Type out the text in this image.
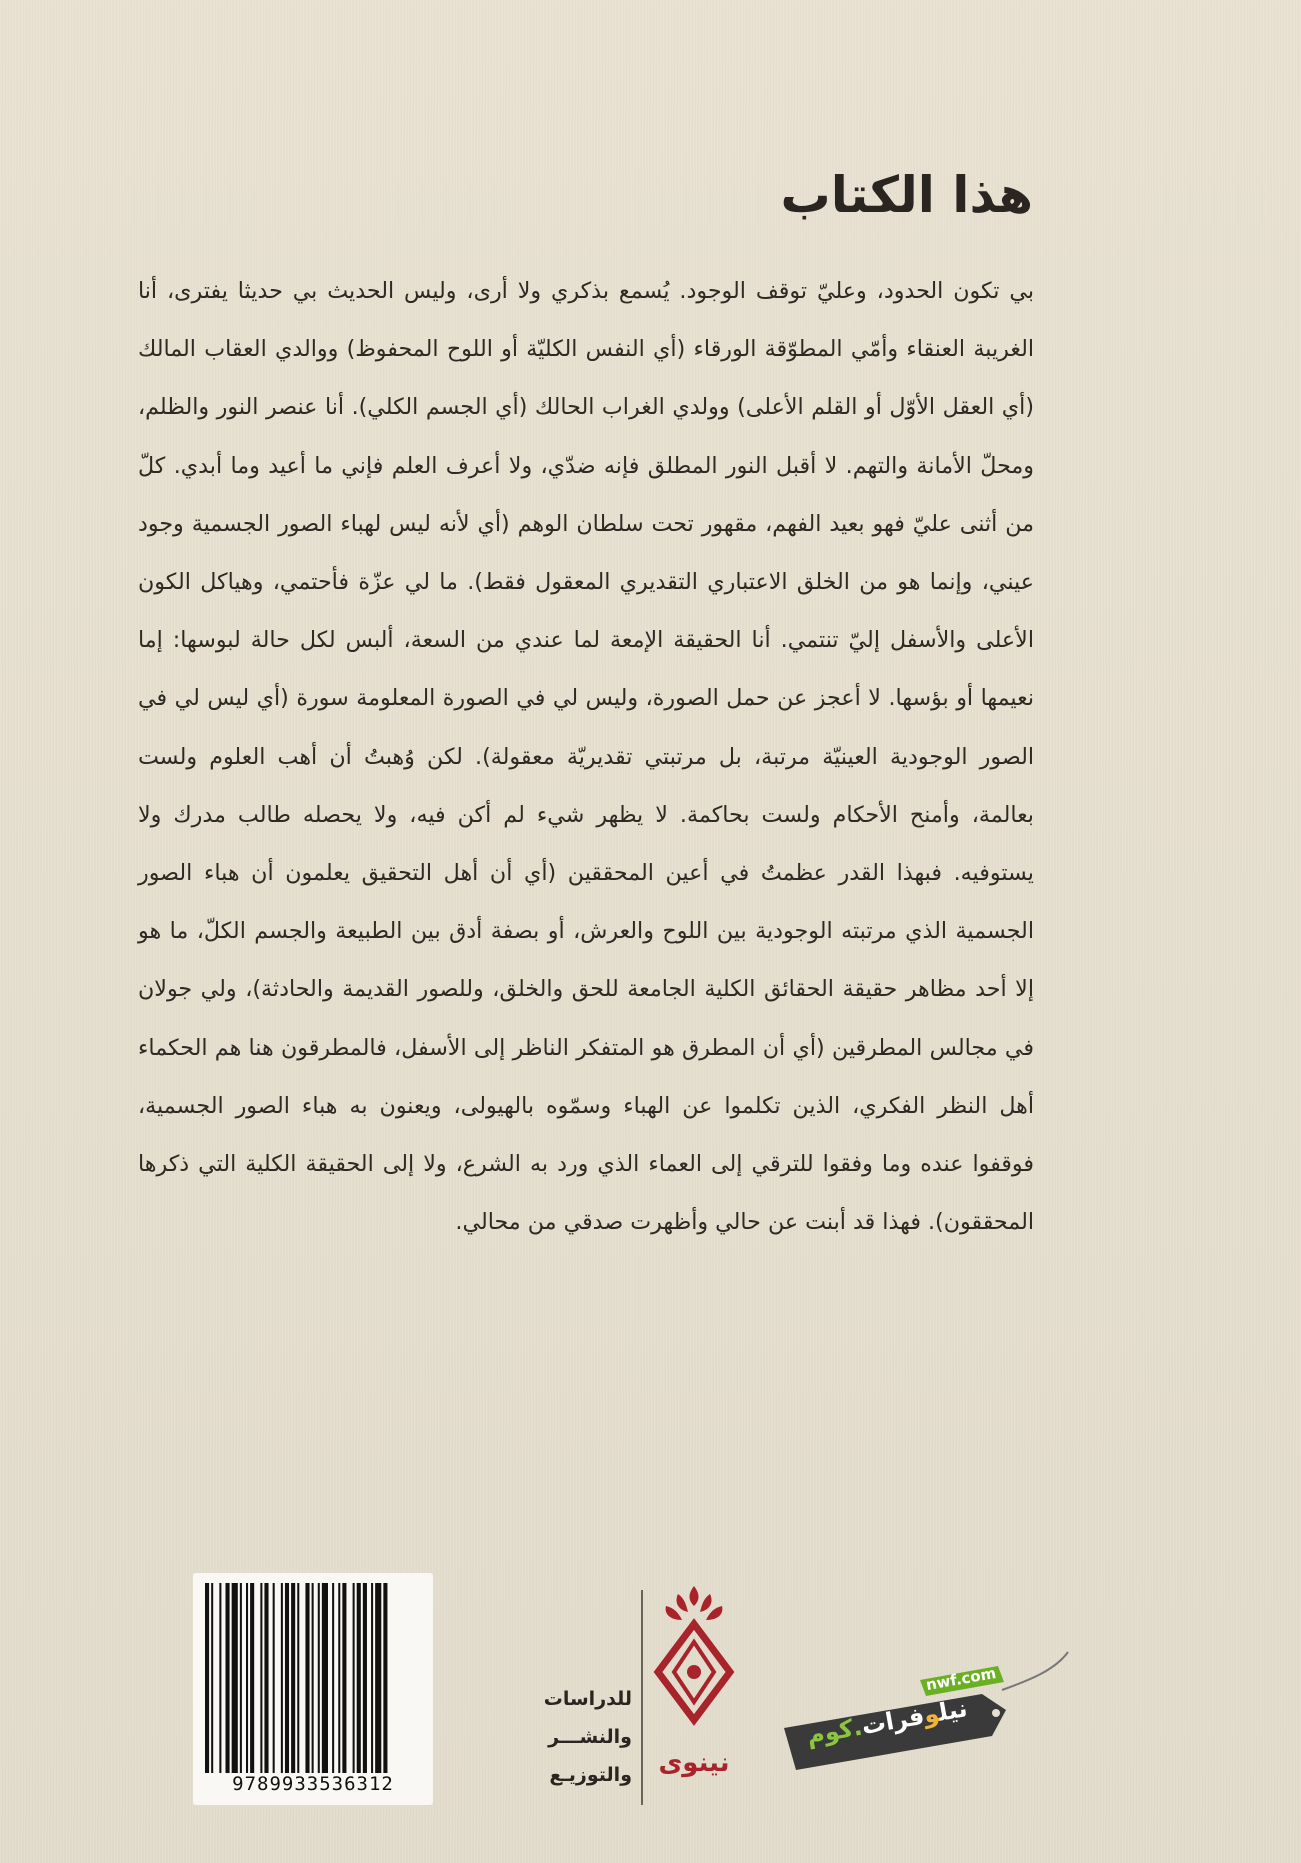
هذا الكتاب

بي تكون الحدود، وعليّ توقف الوجود. يُسمع بذكري ولا أرى، وليس الحديث بي حديثا يفترى، أنا الغريبة العنقاء وأمّي المطوّقة الورقاء (أي النفس الكليّة أو اللوح المحفوظ) ووالدي العقاب المالك (أي العقل الأوّل أو القلم الأعلى) وولدي الغراب الحالك (أي الجسم الكلي). أنا عنصر النور والظلم، ومحلّ الأمانة والتهم. لا أقبل النور المطلق فإنه ضدّي، ولا أعرف العلم فإني ما أعيد وما أبدي. كلّ من أثنى عليّ فهو بعيد الفهم، مقهور تحت سلطان الوهم (أي لأنه ليس لهباء الصور الجسمية وجود عيني، وإنما هو من الخلق الاعتباري التقديري المعقول فقط). ما لي عزّة فأحتمي، وهياكل الكون الأعلى والأسفل إليّ تنتمي. أنا الحقيقة الإمعة لما عندي من السعة، ألبس لكل حالة لبوسها: إما نعيمها أو بؤسها. لا أعجز عن حمل الصورة، وليس لي في الصورة المعلومة سورة (أي ليس لي في الصور الوجودية العينيّة مرتبة، بل مرتبتي تقديريّة معقولة). لكن وُهبتُ أن أهب العلوم ولست بعالمة، وأمنح الأحكام ولست بحاكمة. لا يظهر شيء لم أكن فيه، ولا يحصله طالب مدرك ولا يستوفيه. فبهذا القدر عظمتُ في أعين المحققين (أي أن أهل التحقيق يعلمون أن هباء الصور الجسمية الذي مرتبته الوجودية بين اللوح والعرش، أو بصفة أدق بين الطبيعة والجسم الكلّ، ما هو إلا أحد مظاهر حقيقة الحقائق الكلية الجامعة للحق والخلق، وللصور القديمة والحادثة)، ولي جولان في مجالس المطرقين (أي أن المطرق هو المتفكر الناظر إلى الأسفل، فالمطرقون هنا هم الحكماء أهل النظر الفكري، الذين تكلموا عن الهباء وسمّوه بالهيولى، ويعنون به هباء الصور الجسمية، فوقفوا عنده وما وفقوا للترقي إلى العماء الذي ورد به الشرع، ولا إلى الحقيقة الكلية التي ذكرها المحققون). فهذا قد أبنت عن حالي وأظهرت صدقي من محالي.

9789933536312
للدراسات
والنشـــر
والتوزيـع	نينوى
nwf.com
نيلوفرات.كوم
